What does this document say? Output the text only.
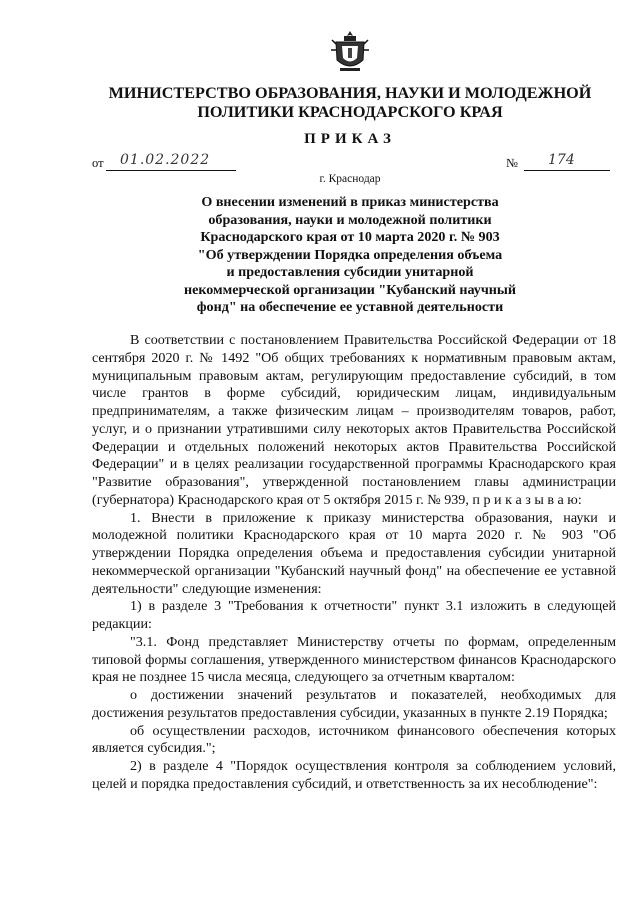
МИНИСТЕРСТВО ОБРАЗОВАНИЯ, НАУКИ И МОЛОДЕЖНОЙ
ПОЛИТИКИ КРАСНОДАРСКОГО КРАЯ
ПРИКАЗ
от 01.02.2022	№ 174
г. Краснодар
О внесении изменений в приказ министерства
образования, науки и молодежной политики
Краснодарского края от 10 марта 2020 г. № 903
"Об утверждении Порядка определения объема
и предоставления субсидии унитарной
некоммерческой организации "Кубанский научный
фонд" на обеспечение ее уставной деятельности

В соответствии с постановлением Правительства Российской Федерации от 18 сентября 2020 г. № 1492 "Об общих требованиях к нормативным правовым актам, муниципальным правовым актам, регулирующим предоставление субсидий, в том числе грантов в форме субсидий, юридическим лицам, индивидуальным предпринимателям, а также физическим лицам – производителям товаров, работ, услуг, и о признании утратившими силу некоторых актов Правительства Российской Федерации и отдельных положений некоторых актов Правительства Российской Федерации" и в целях реализации государственной программы Краснодарского края "Развитие образования", утвержденной постановлением главы администрации (губернатора) Краснодарского края от 5 октября 2015 г. № 939, п р и к а з ы в а ю:

1. Внести в приложение к приказу министерства образования, науки и молодежной политики Краснодарского края от 10 марта 2020 г. № 903 "Об утверждении Порядка определения объема и предоставления субсидии унитарной некоммерческой организации "Кубанский научный фонд" на обеспечение ее уставной деятельности" следующие изменения:

1) в разделе 3 "Требования к отчетности" пункт 3.1 изложить в следующей редакции:

"3.1. Фонд представляет Министерству отчеты по формам, определенным типовой формы соглашения, утвержденного министерством финансов Краснодарского края не позднее 15 числа месяца, следующего за отчетным кварталом:

о достижении значений результатов и показателей, необходимых для достижения результатов предоставления субсидии, указанных в пункте 2.19 Порядка;

об осуществлении расходов, источником финансового обеспечения которых является субсидия.";

2) в разделе 4 "Порядок осуществления контроля за соблюдением условий, целей и порядка предоставления субсидий, и ответственность за их несоблюдение":
